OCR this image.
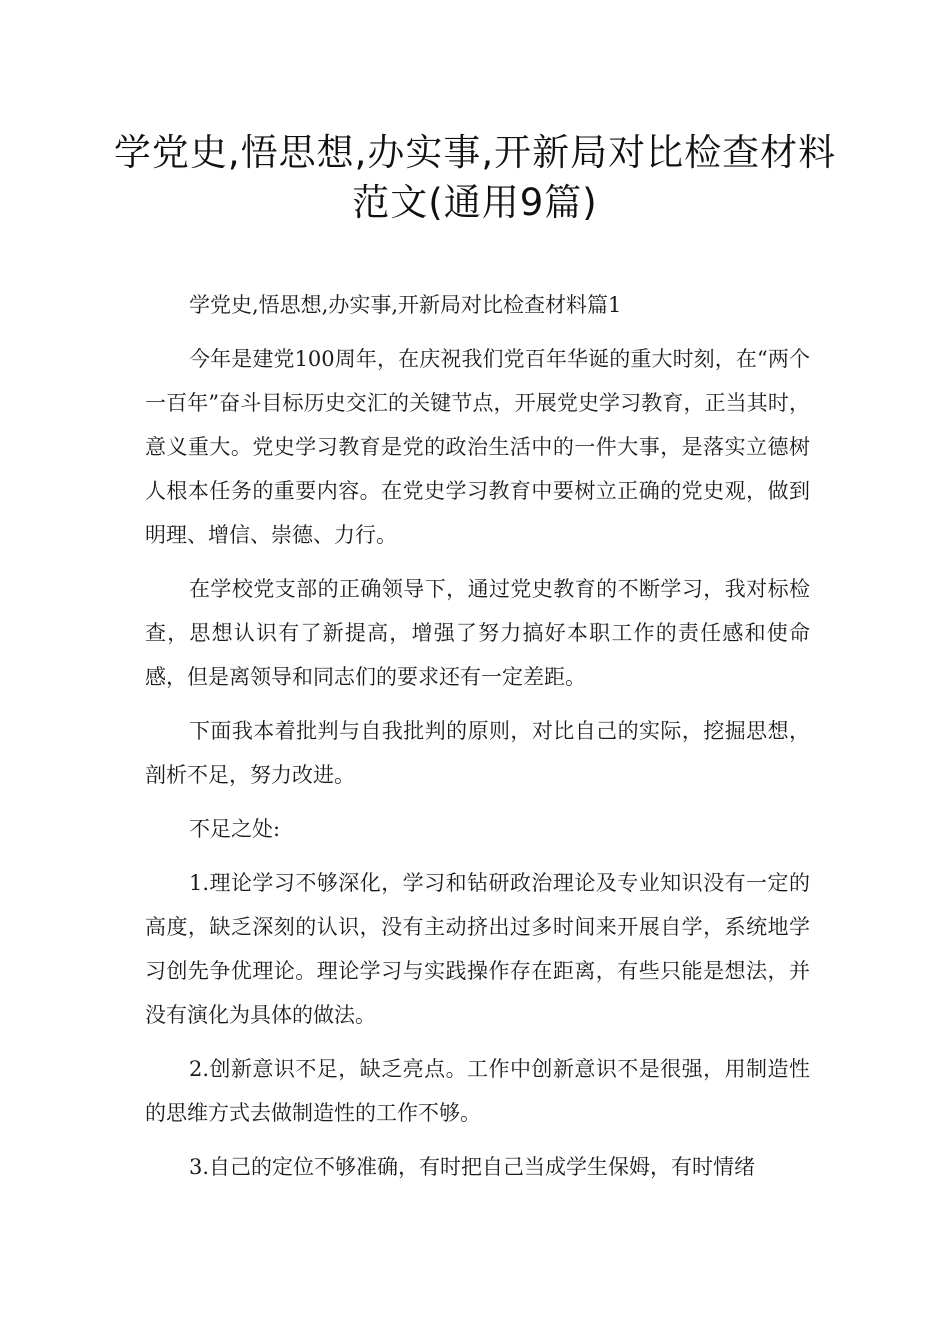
学党史,悟思想,办实事,开新局对比检查材料范文(通用9篇)

学党史,悟思想,办实事,开新局对比检查材料篇1

今年是建党100周年，在庆祝我们党百年华诞的重大时刻，在“两个一百年”奋斗目标历史交汇的关键节点，开展党史学习教育，正当其时，意义重大。党史学习教育是党的政治生活中的一件大事，是落实立德树人根本任务的重要内容。在党史学习教育中要树立正确的党史观，做到明理、增信、崇德、力行。

在学校党支部的正确领导下，通过党史教育的不断学习，我对标检查，思想认识有了新提高，增强了努力搞好本职工作的责任感和使命感，但是离领导和同志们的要求还有一定差距。

下面我本着批判与自我批判的原则，对比自己的实际，挖掘思想，剖析不足，努力改进。

不足之处:

1.理论学习不够深化，学习和钻研政治理论及专业知识没有一定的高度，缺乏深刻的认识，没有主动挤出过多时间来开展自学，系统地学习创先争优理论。理论学习与实践操作存在距离，有些只能是想法，并没有演化为具体的做法。

2.创新意识不足，缺乏亮点。工作中创新意识不是很强，用制造性的思维方式去做制造性的工作不够。

3.自己的定位不够准确，有时把自己当成学生保姆，有时情绪
